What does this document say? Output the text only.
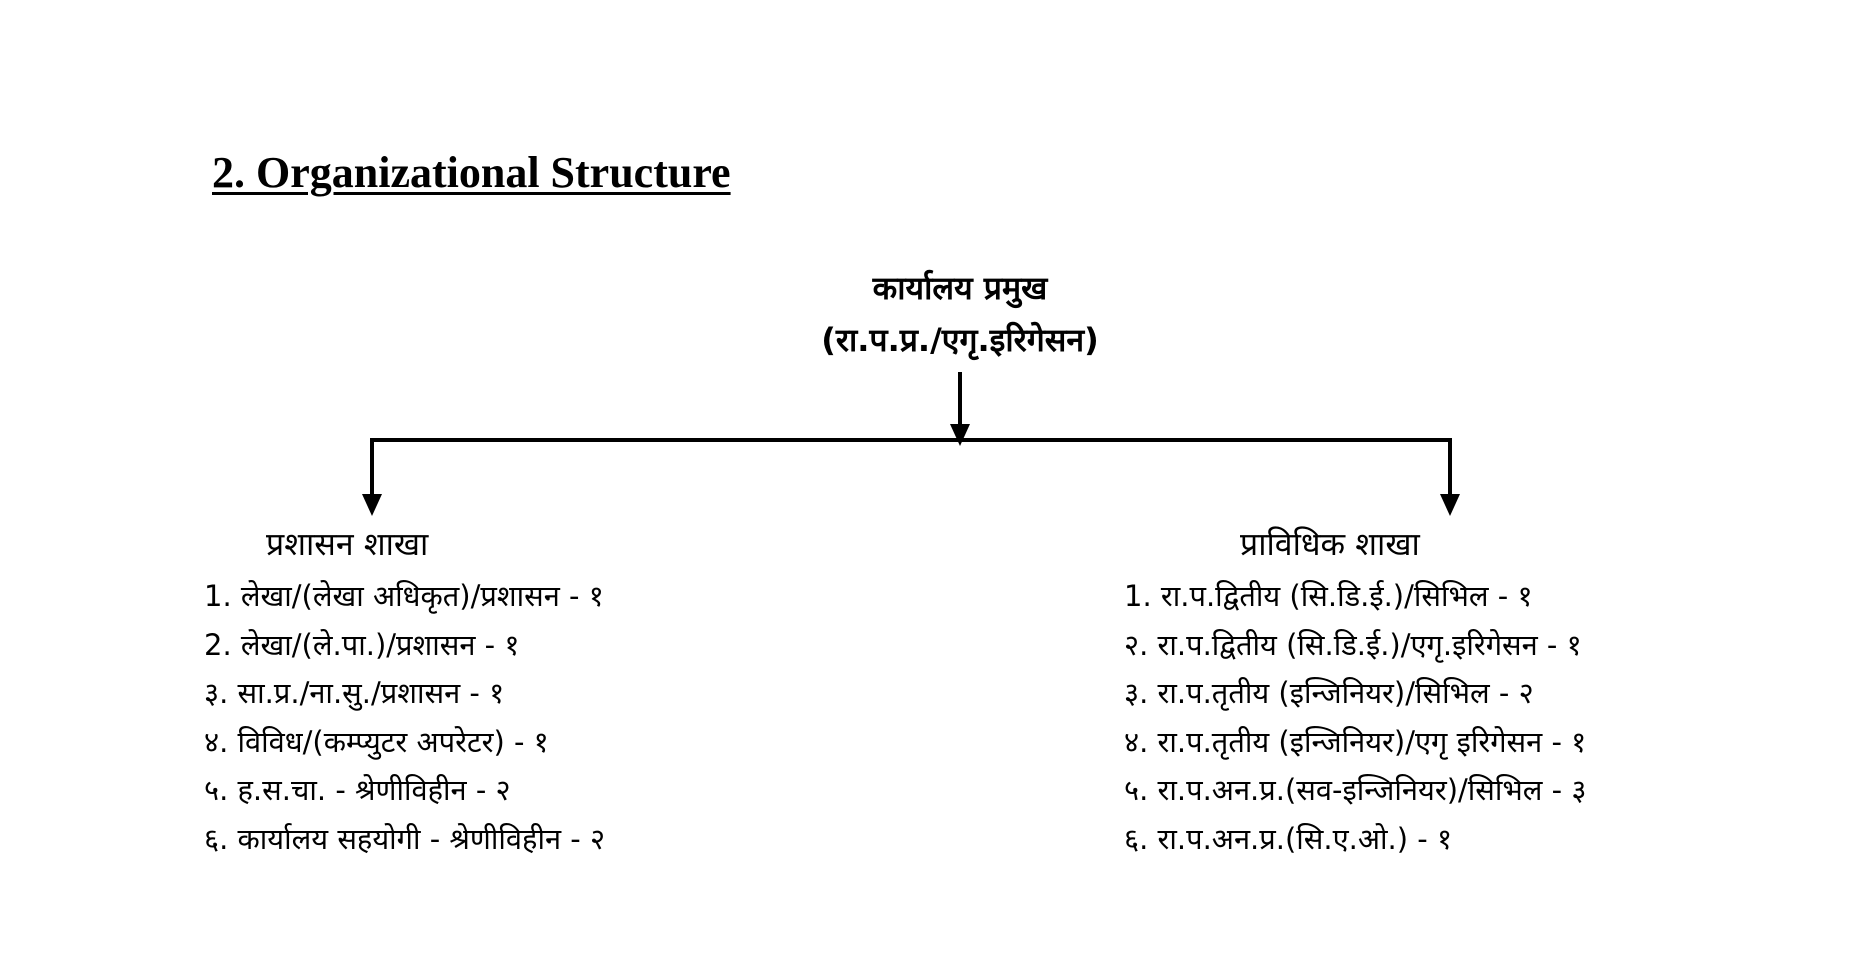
2. Organizational Structure
कार्यालय प्रमुख
(रा.प.प्र./एगृ.इरिगेसन)
प्रशासन शाखा
1. लेखा/(लेखा अधिकृत)/प्रशासन - १
2. लेखा/(ले.पा.)/प्रशासन - १
३. सा.प्र./ना.सु./प्रशासन - १
४. विविध/(कम्प्युटर अपरेटर) - १
५. ह.स.चा. - श्रेणीविहीन - २
६. कार्यालय सहयोगी - श्रेणीविहीन - २
प्राविधिक शाखा
1. रा.प.द्वितीय (सि.डि.ई.)/सिभिल - १
२. रा.प.द्वितीय (सि.डि.ई.)/एगृ.इरिगेसन - १
३. रा.प.तृतीय (इन्जिनियर)/सिभिल - २
४. रा.प.तृतीय (इन्जिनियर)/एगृ इरिगेसन - १
५. रा.प.अन.प्र.(सव-इन्जिनियर)/सिभिल - ३
६. रा.प.अन.प्र.(सि.ए.ओ.) - १
